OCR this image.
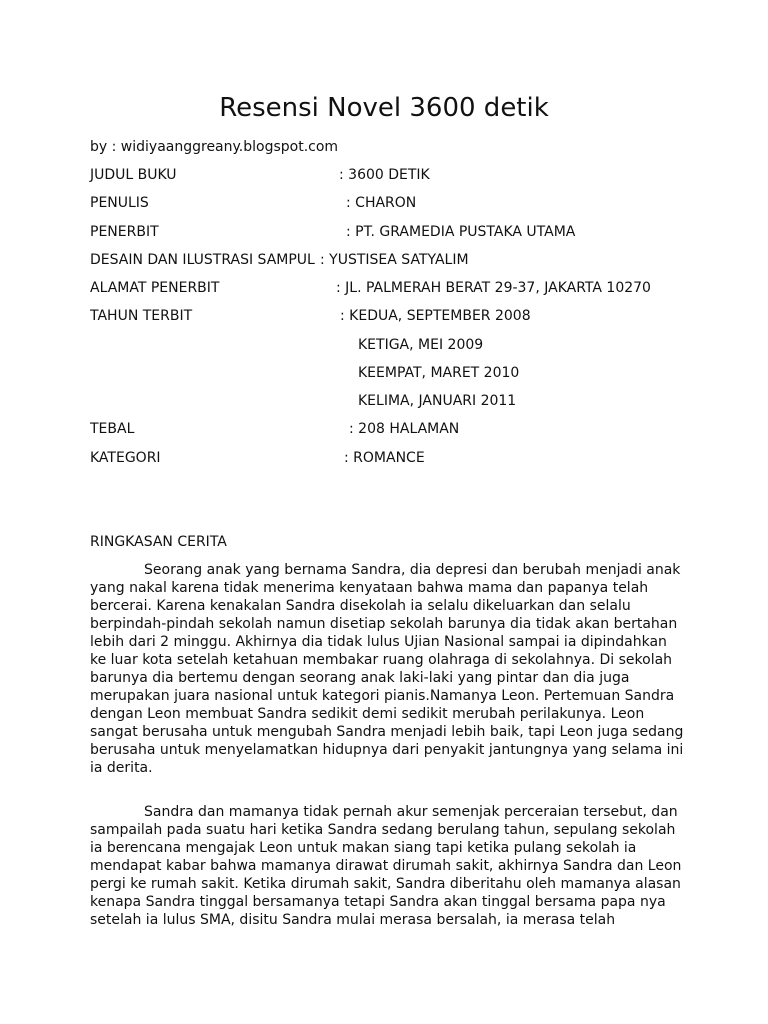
Resensi Novel 3600 detik

by : widiyaanggreany.blogspot.com

JUDUL BUKU	: 3600 DETIK
PENULIS	: CHARON
PENERBIT	: PT. GRAMEDIA PUSTAKA UTAMA
DESAIN DAN ILUSTRASI SAMPUL : YUSTISEA SATYALIM
ALAMAT PENERBIT	: JL. PALMERAH BERAT 29-37, JAKARTA 10270
TAHUN TERBIT	: KEDUA, SEPTEMBER 2008
KETIGA, MEI 2009
KEEMPAT, MARET 2010
KELIMA, JANUARI 2011
TEBAL	: 208 HALAMAN
KATEGORI	: ROMANCE

RINGKASAN CERITA

Seorang anak yang bernama Sandra, dia depresi dan berubah menjadi anak
yang nakal karena tidak menerima kenyataan bahwa mama dan papanya telah
bercerai. Karena kenakalan Sandra disekolah ia selalu dikeluarkan dan selalu
berpindah-pindah sekolah namun disetiap sekolah barunya dia tidak akan bertahan
lebih dari 2 minggu. Akhirnya dia tidak lulus Ujian Nasional sampai ia dipindahkan
ke luar kota setelah ketahuan membakar ruang olahraga di sekolahnya. Di sekolah
barunya dia bertemu dengan seorang anak laki-laki yang pintar dan dia juga
merupakan juara nasional untuk kategori pianis.Namanya Leon. Pertemuan Sandra
dengan Leon membuat Sandra sedikit demi sedikit merubah perilakunya. Leon
sangat berusaha untuk mengubah Sandra menjadi lebih baik, tapi Leon juga sedang
berusaha untuk menyelamatkan hidupnya dari penyakit jantungnya yang selama ini
ia derita.
Sandra dan mamanya tidak pernah akur semenjak perceraian tersebut, dan
sampailah pada suatu hari ketika Sandra sedang berulang tahun, sepulang sekolah
ia berencana mengajak Leon untuk makan siang tapi ketika pulang sekolah ia
mendapat kabar bahwa mamanya dirawat dirumah sakit, akhirnya Sandra dan Leon
pergi ke rumah sakit. Ketika dirumah sakit, Sandra diberitahu oleh mamanya alasan
kenapa Sandra tinggal bersamanya tetapi Sandra akan tinggal bersama papa nya
setelah ia lulus SMA, disitu Sandra mulai merasa bersalah, ia merasa telah
